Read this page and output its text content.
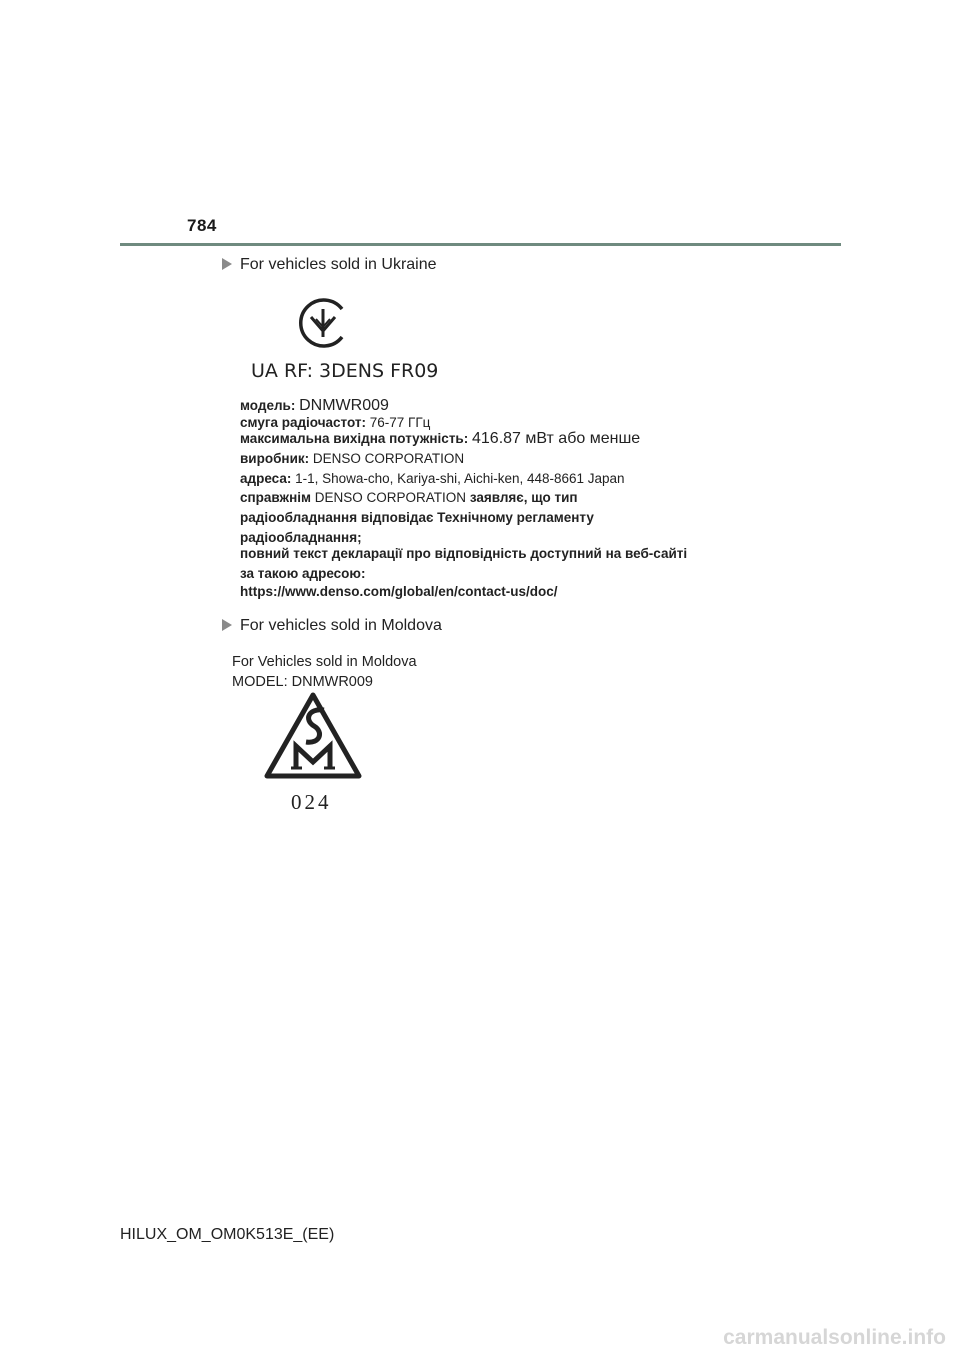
784
For vehicles sold in Ukraine
UA RF: 3DENS FR09
модель: DNMWR009
смуга радіочастот: 76-77 ГГц
максимальна вихідна потужність: 416.87 мВт або менше
виробник: DENSO CORPORATION
адреса: 1-1, Showa-cho, Kariya-shi, Aichi-ken, 448-8661 Japan
справжнім DENSO CORPORATION заявляє, що тип
радіообладнання відповідає Технічному регламенту
радіообладнання;
повний текст декларації про відповідність доступний на веб-сайті
за такою адресою:
https://www.denso.com/global/en/contact-us/doc/
For vehicles sold in Moldova
For Vehicles sold in Moldova
MODEL: DNMWR009
024
HILUX_OM_OM0K513E_(EE)
carmanualsonline.info
